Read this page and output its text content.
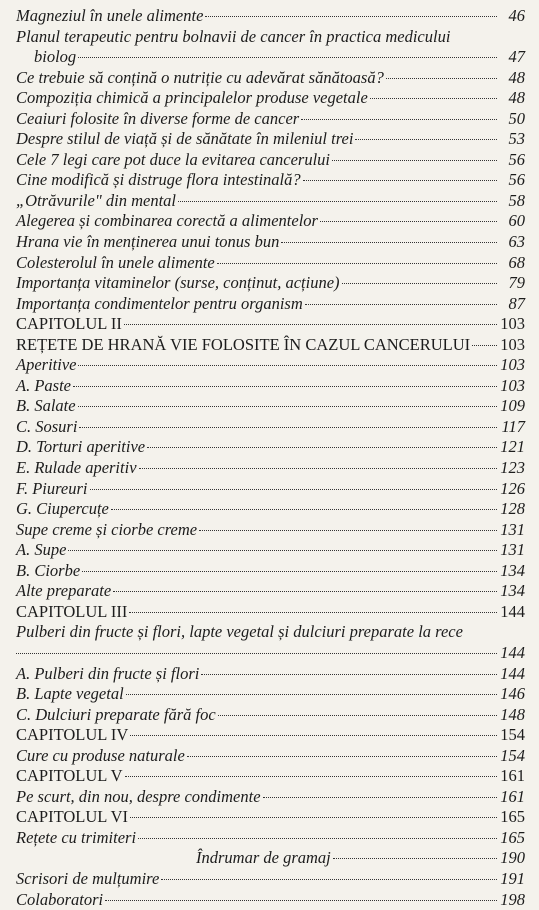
Magneziul în unele alimente	46
Planul terapeutic pentru bolnavii de cancer în practica medicului
biolog	47
Ce trebuie să conțină o nutriție cu adevărat sănătoasă?	48
Compoziția chimică a principalelor produse vegetale	48
Ceaiuri folosite în diverse forme de cancer	50
Despre stilul de viață și de sănătate în mileniul trei	53
Cele 7 legi care pot duce la evitarea cancerului	56
Cine modifică și distruge flora intestinală?	56
„Otrăvurile" din mental	58
Alegerea și combinarea corectă a alimentelor	60
Hrana vie în menținerea unui tonus bun	63
Colesterolul în unele alimente	68
Importanța vitaminelor (surse, conținut, acțiune)	79
Importanța condimentelor pentru organism	87
CAPITOLUL II	103
REȚETE DE HRANĂ VIE FOLOSITE ÎN CAZUL CANCERULUI 103
Aperitive	103
A. Paste	103
B. Salate	109
C. Sosuri	117
D. Torturi aperitive	121
E. Rulade aperitiv	123
F. Piureuri	126
G. Ciupercuțe	128
Supe creme și ciorbe creme	131
A. Supe	131
B. Ciorbe	134
Alte preparate	134
CAPITOLUL III	144
Pulberi din fructe și flori, lapte vegetal și dulciuri preparate la rece
144
A. Pulberi din fructe și flori	144
B. Lapte vegetal	146
C. Dulciuri preparate fără foc	148
CAPITOLUL IV	154
Cure cu produse naturale	154
CAPITOLUL V	161
Pe scurt, din nou, despre condimente	161
CAPITOLUL VI	165
Rețete cu trimiteri	165
Îndrumar de gramaj	190
Scrisori de mulțumire	191
Colaboratori	198
